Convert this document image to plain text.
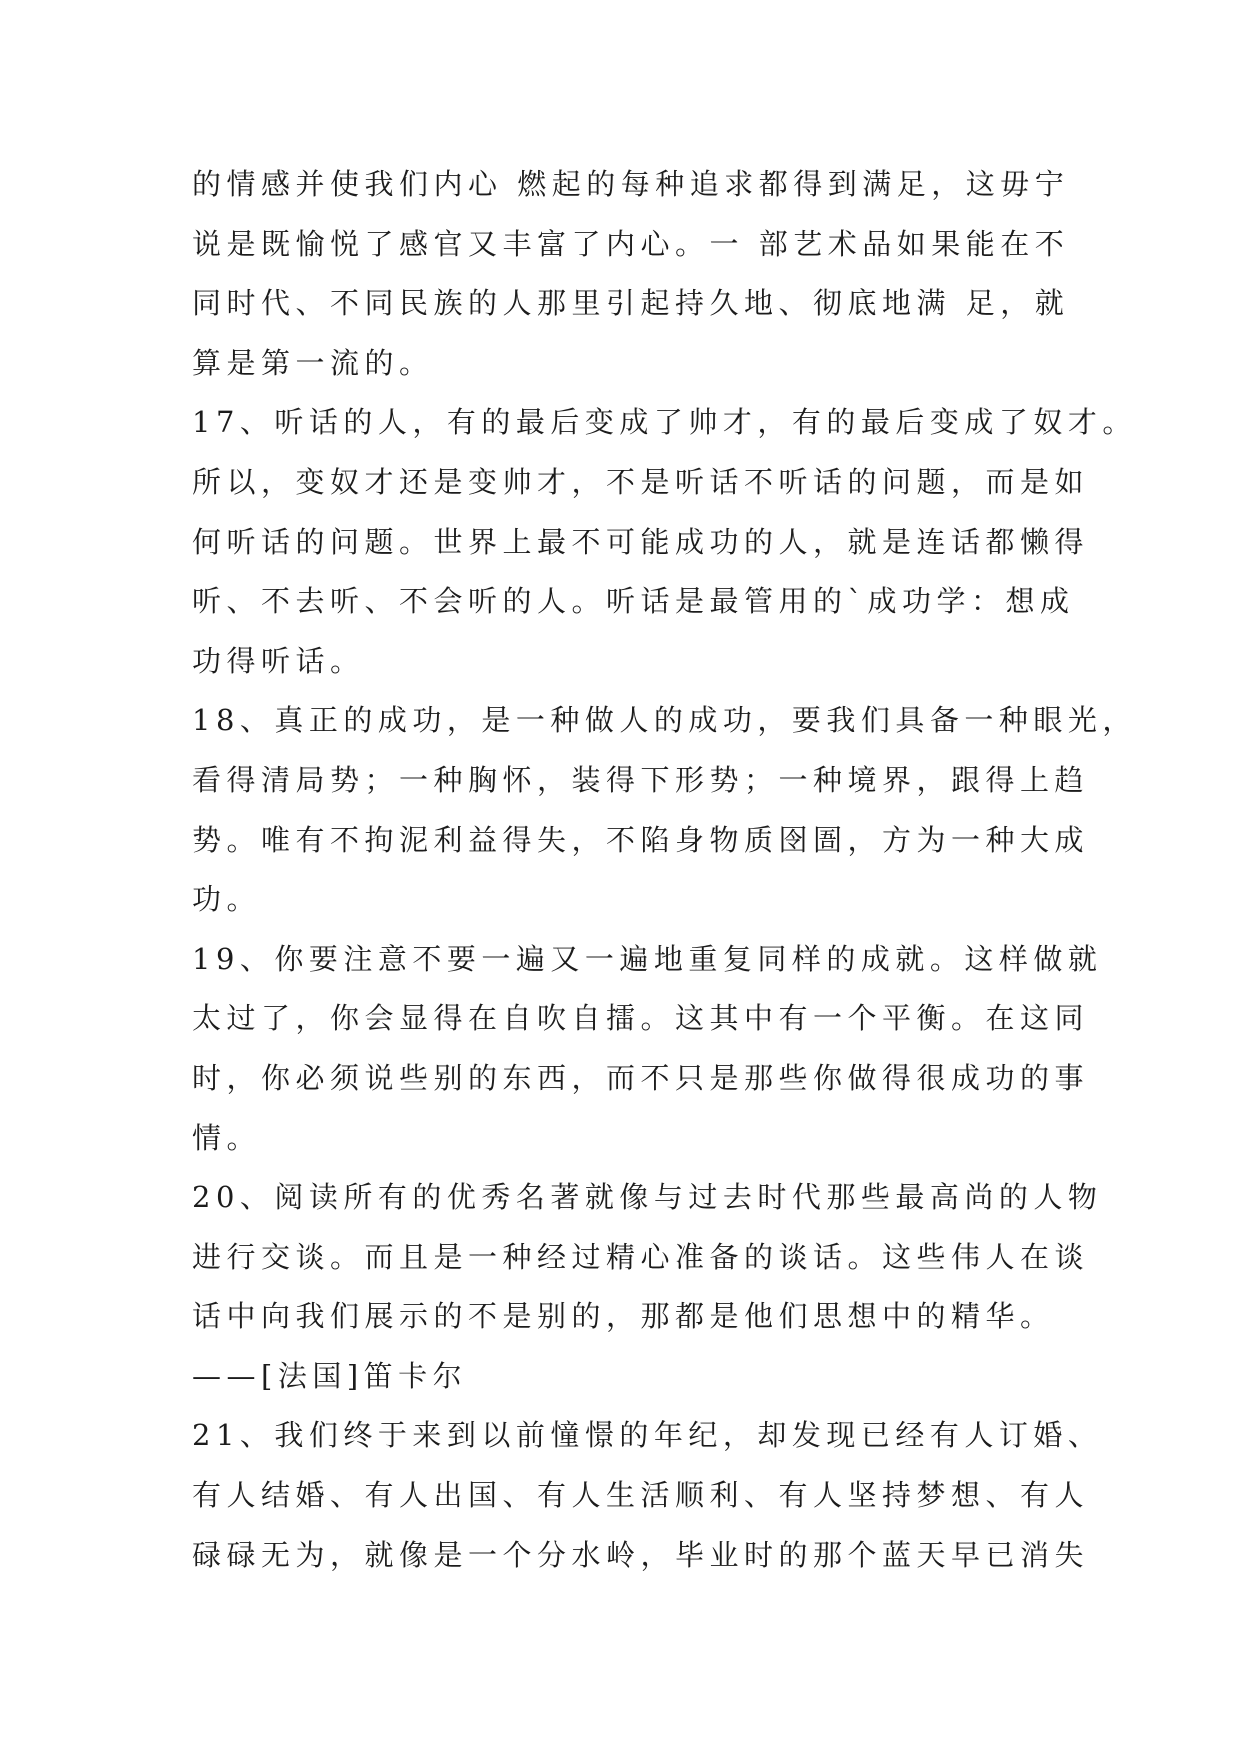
的情感并使我们内心 燃起的每种追求都得到满足，这毋宁
说是既愉悦了感官又丰富了内心。一 部艺术品如果能在不
同时代、不同民族的人那里引起持久地、彻底地满 足，就
算是第一流的。
17、听话的人，有的最后变成了帅才，有的最后变成了奴才。
所以，变奴才还是变帅才，不是听话不听话的问题，而是如
何听话的问题。世界上最不可能成功的人，就是连话都懒得
听、不去听、不会听的人。听话是最管用的`成功学：想成
功得听话。
18、真正的成功，是一种做人的成功，要我们具备一种眼光，
看得清局势；一种胸怀，装得下形势；一种境界，跟得上趋
势。唯有不拘泥利益得失，不陷身物质囹圄，方为一种大成
功。
19、你要注意不要一遍又一遍地重复同样的成就。这样做就
太过了，你会显得在自吹自擂。这其中有一个平衡。在这同
时，你必须说些别的东西，而不只是那些你做得很成功的事
情。
20、阅读所有的优秀名著就像与过去时代那些最高尚的人物
进行交谈。而且是一种经过精心准备的谈话。这些伟人在谈
话中向我们展示的不是别的，那都是他们思想中的精华。
——[法国]笛卡尔
21、我们终于来到以前憧憬的年纪，却发现已经有人订婚、
有人结婚、有人出国、有人生活顺利、有人坚持梦想、有人
碌碌无为，就像是一个分水岭，毕业时的那个蓝天早已消失
